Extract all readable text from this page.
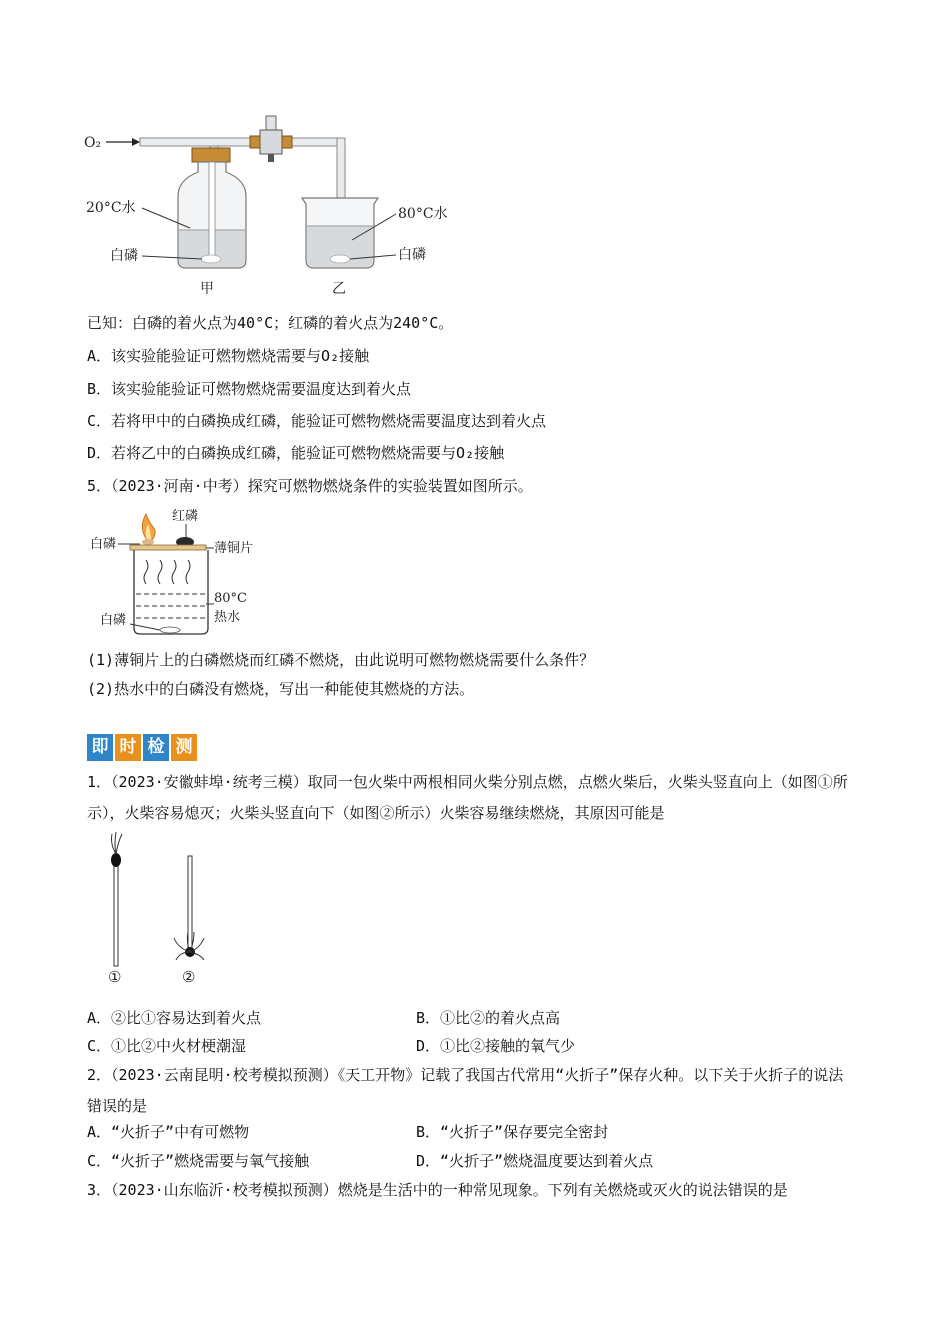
O₂
20°C水
白磷
甲
80°C水
白磷
乙
已知：白磷的着火点为40°C；红磷的着火点为240°C。
A．该实验能验证可燃物燃烧需要与O₂接触
B．该实验能验证可燃物燃烧需要温度达到着火点
C．若将甲中的白磷换成红磷，能验证可燃物燃烧需要温度达到着火点
D．若将乙中的白磷换成红磷，能验证可燃物燃烧需要与O₂接触
5．（2023·河南·中考）探究可燃物燃烧条件的实验装置如图所示。
红磷
白磷	薄铜片
80°C
热水
白磷
(1)薄铜片上的白磷燃烧而红磷不燃烧，由此说明可燃物燃烧需要什么条件？
(2)热水中的白磷没有燃烧，写出一种能使其燃烧的方法。
即 时 检 测
1．（2023·安徽蚌埠·统考三模）取同一包火柴中两根相同火柴分别点燃，点燃火柴后，火柴头竖直向上（如图①所示），火柴容易熄灭；火柴头竖直向下（如图②所示）火柴容易继续燃烧，其原因可能是
①	②
A．②比①容易达到着火点	B．①比②的着火点高
C．①比②中火材梗潮湿	D．①比②接触的氧气少
2．（2023·云南昆明·校考模拟预测）《天工开物》记载了我国古代常用“火折子”保存火种。以下关于火折子的说法错误的是
A．“火折子”中有可燃物	B．“火折子”保存要完全密封
C．“火折子”燃烧需要与氧气接触	D．“火折子”燃烧温度要达到着火点
3．（2023·山东临沂·校考模拟预测）燃烧是生活中的一种常见现象。下列有关燃烧或灭火的说法错误的是
